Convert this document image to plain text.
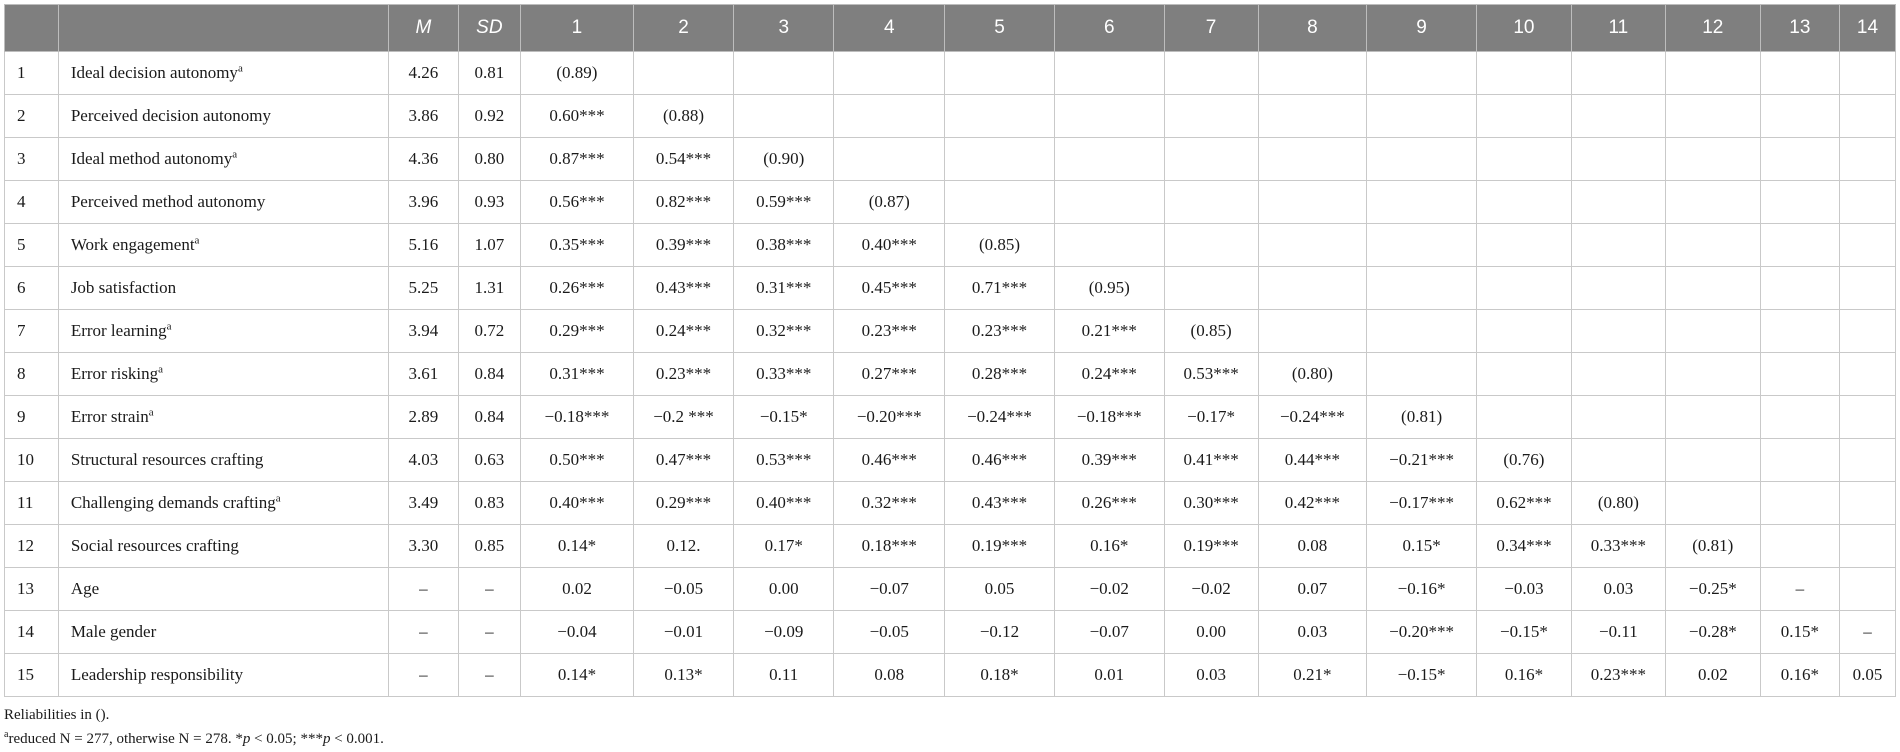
		M	SD	1	2	3	4	5	6	7	8	9	10	11	12	13	14
1	Ideal decision autonomy$^a$	4.26	0.81	(0.89)													
2	Perceived decision autonomy	3.86	0.92	0.60***	(0.88)												
3	Ideal method autonomy$^a$	4.36	0.80	0.87***	0.54***	(0.90)											
4	Perceived method autonomy	3.96	0.93	0.56***	0.82***	0.59***	(0.87)										
5	Work engagement$^a$	5.16	1.07	0.35***	0.39***	0.38***	0.40***	(0.85)									
6	Job satisfaction	5.25	1.31	0.26***	0.43***	0.31***	0.45***	0.71***	(0.95)								
7	Error learning$^a$	3.94	0.72	0.29***	0.24***	0.32***	0.23***	0.23***	0.21***	(0.85)							
8	Error risking$^a$	3.61	0.84	0.31***	0.23***	0.33***	0.27***	0.28***	0.24***	0.53***	(0.80)						
9	Error strain$^a$	2.89	0.84	−0.18***	−0.2 ***	−0.15*	−0.20***	−0.24***	−0.18***	−0.17*	−0.24***	(0.81)					
10	Structural resources crafting	4.03	0.63	0.50***	0.47***	0.53***	0.46***	0.46***	0.39***	0.41***	0.44***	−0.21***	(0.76)				
11	Challenging demands crafting$^a$	3.49	0.83	0.40***	0.29***	0.40***	0.32***	0.43***	0.26***	0.30***	0.42***	−0.17***	0.62***	(0.80)			
12	Social resources crafting	3.30	0.85	0.14*	0.12.	0.17*	0.18***	0.19***	0.16*	0.19***	0.08	0.15*	0.34***	0.33***	(0.81)		
13	Age	–	–	0.02	−0.05	0.00	−0.07	0.05	−0.02	−0.02	0.07	−0.16*	−0.03	0.03	−0.25*	–	
14	Male gender	–	–	−0.04	−0.01	−0.09	−0.05	−0.12	−0.07	0.00	0.03	−0.20***	−0.15*	−0.11	−0.28*	0.15*	–
15	Leadership responsibility	–	–	0.14*	0.13*	0.11	0.08	0.18*	0.01	0.03	0.21*	−0.15*	0.16*	0.23***	0.02	0.16*	0.05
Reliabilities in ().
$^a$reduced N = 277, otherwise N = 278. *p < 0.05; ***p < 0.001.
